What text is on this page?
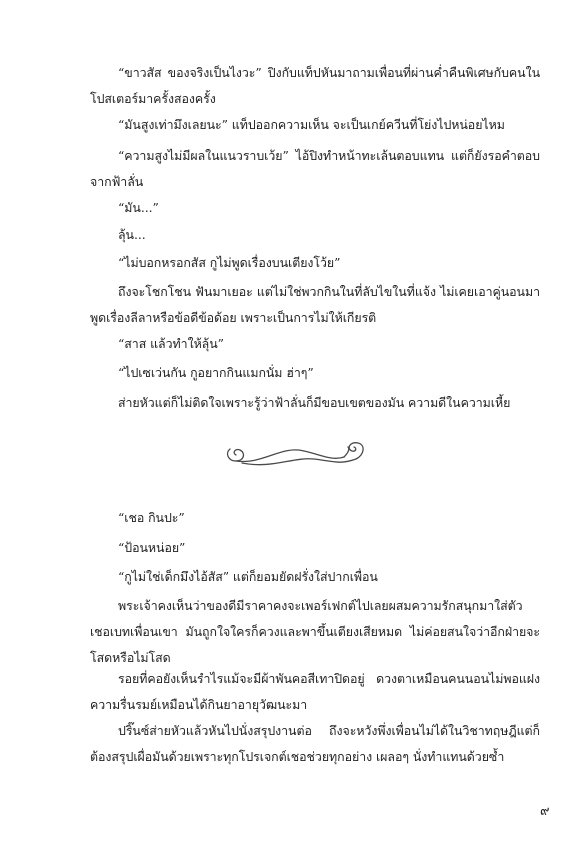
“ขาวสัส ของจริงเป็นไงวะ” ปิงกับแท็ปหันมาถามเพื่อนที่ผ่านค่ำคืนพิเศษกับคนในโปสเตอร์มาครั้งสองครั้ง

“มันสูงเท่ามึงเลยนะ” แท็ปออกความเห็น จะเป็นเกย์ควีนที่โย่งไปหน่อยไหม

“ความสูงไม่มีผลในแนวราบเว้ย” ไอ้ปิงทำหน้าทะเล้นตอบแทน แต่ก็ยังรอคำตอบจากฟ้าลั่น

“มัน...”

ลุ้น...

“ไม่บอกหรอกสัส กูไม่พูดเรื่องบนเตียงโว้ย”

ถึงจะโชกโชน ฟันมาเยอะ แต่ไม่ใช่พวกกินในที่ลับไขในที่แจ้ง ไม่เคยเอาคู่นอนมาพูดเรื่องลีลาหรือข้อดีข้อด้อย เพราะเป็นการไม่ให้เกียรติ

“สาส แล้วทำให้ลุ้น”

“ไปเซเว่นกัน กูอยากกินแมกนั่ม ฮ่าๆ”

ส่ายหัวแต่ก็ไม่ติดใจเพราะรู้ว่าฟ้าลั่นก็มีขอบเขตของมัน ความดีในความเหี้ย

“เชอ กินปะ”

“ป้อนหน่อย”

“กูไม่ใช่เด็กมึงไอ้สัส” แต่ก็ยอมยัดฝรั่งใส่ปากเพื่อน

พระเจ้าคงเห็นว่าของดีมีราคาคงจะเพอร์เฟกต์ไปเลยผสมความรักสนุกมาใส่ตัวเชอเบทเพื่อนเขา มันถูกใจใครก็ควงและพาขึ้นเตียงเสียหมด ไม่ค่อยสนใจว่าอีกฝ่ายจะโสดหรือไม่โสด

รอยที่คอยังเห็นรำไรแม้จะมีผ้าพันคอสีเทาปิดอยู่ ดวงตาเหมือนคนนอนไม่พอแฝงความรื่นรมย์เหมือนได้กินยาอายุวัฒนะมา

ปริ๊นซ์ส่ายหัวแล้วหันไปนั่งสรุปงานต่อ ถึงจะหวังพึ่งเพื่อนไม่ได้ในวิชาทฤษฎีแต่ก็ต้องสรุปเผื่อมันด้วยเพราะทุกโปรเจกต์เชอช่วยทุกอย่าง เผลอๆ นั่งทำแทนด้วยซ้ำ

๙
